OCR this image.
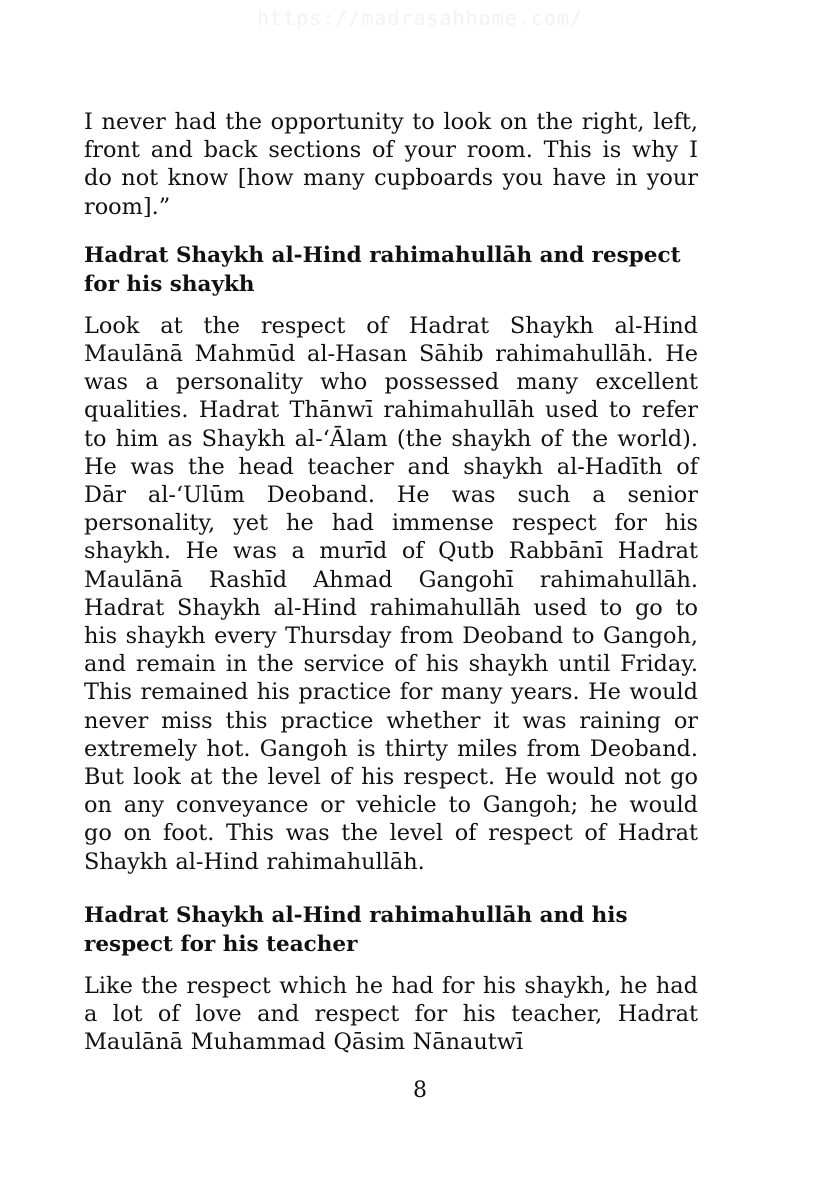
https://madrasahhome.com/

I never had the opportunity to look on the right, left, front and back sections of your room. This is why I do not know [how many cupboards you have in your room].”

Hadrat Shaykh al-Hind rahimahullāh and respect for his shaykh

Look at the respect of Hadrat Shaykh al-Hind Maulānā Mahmūd al-Hasan Sāhib rahimahullāh. He was a personality who possessed many excellent qualities. Hadrat Thānwī rahimahullāh used to refer to him as Shaykh al-‘Ālam (the shaykh of the world). He was the head teacher and shaykh al-Hadīth of Dār al-‘Ulūm Deoband. He was such a senior personality, yet he had immense respect for his shaykh. He was a murīd of Qutb Rabbānī Hadrat Maulānā Rashīd Ahmad Gangohī rahimahullāh. Hadrat Shaykh al-Hind rahimahullāh used to go to his shaykh every Thursday from Deoband to Gangoh, and remain in the service of his shaykh until Friday. This remained his practice for many years. He would never miss this practice whether it was raining or extremely hot. Gangoh is thirty miles from Deoband. But look at the level of his respect. He would not go on any conveyance or vehicle to Gangoh; he would go on foot. This was the level of respect of Hadrat Shaykh al-Hind rahimahullāh.

Hadrat Shaykh al-Hind rahimahullāh and his respect for his teacher

Like the respect which he had for his shaykh, he had a lot of love and respect for his teacher, Hadrat Maulānā Muhammad Qāsim Nānautwī

8
